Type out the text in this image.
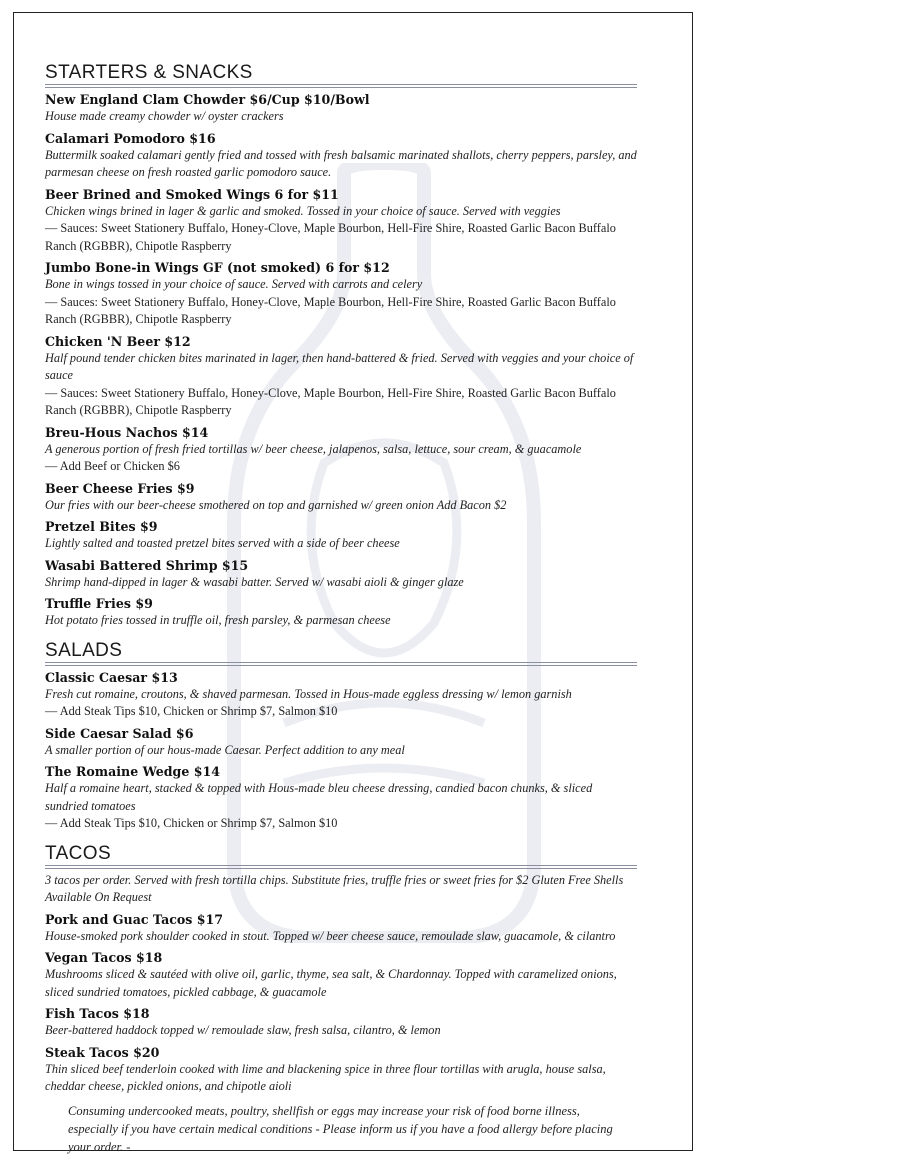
STARTERS & SNACKS
New England Clam Chowder $6/Cup $10/Bowl
House made creamy chowder w/ oyster crackers
Calamari Pomodoro $16
Buttermilk soaked calamari gently fried and tossed with fresh balsamic marinated shallots, cherry peppers, parsley, and parmesan cheese on fresh roasted garlic pomodoro sauce.
Beer Brined and Smoked Wings 6 for $11
Chicken wings brined in lager & garlic and smoked. Tossed in your choice of sauce. Served with veggies
— Sauces: Sweet Stationery Buffalo, Honey-Clove, Maple Bourbon, Hell-Fire Shire, Roasted Garlic Bacon Buffalo Ranch (RGBBR), Chipotle Raspberry
Jumbo Bone-in Wings GF (not smoked) 6 for $12
Bone in wings tossed in your choice of sauce. Served with carrots and celery
— Sauces: Sweet Stationery Buffalo, Honey-Clove, Maple Bourbon, Hell-Fire Shire, Roasted Garlic Bacon Buffalo Ranch (RGBBR), Chipotle Raspberry
Chicken 'N Beer $12
Half pound tender chicken bites marinated in lager, then hand-battered & fried. Served with veggies and your choice of sauce
— Sauces: Sweet Stationery Buffalo, Honey-Clove, Maple Bourbon, Hell-Fire Shire, Roasted Garlic Bacon Buffalo Ranch (RGBBR), Chipotle Raspberry
Breu-Hous Nachos $14
A generous portion of fresh fried tortillas w/ beer cheese, jalapenos, salsa, lettuce, sour cream, & guacamole
— Add Beef or Chicken $6
Beer Cheese Fries $9
Our fries with our beer-cheese smothered on top and garnished w/ green onion Add Bacon $2
Pretzel Bites $9
Lightly salted and toasted pretzel bites served with a side of beer cheese
Wasabi Battered Shrimp $15
Shrimp hand-dipped in lager & wasabi batter. Served w/ wasabi aioli & ginger glaze
Truffle Fries $9
Hot potato fries tossed in truffle oil, fresh parsley, & parmesan cheese
SALADS
Classic Caesar $13
Fresh cut romaine, croutons, & shaved parmesan. Tossed in Hous-made eggless dressing w/ lemon garnish
— Add Steak Tips $10, Chicken or Shrimp $7, Salmon $10
Side Caesar Salad $6
A smaller portion of our hous-made Caesar. Perfect addition to any meal
The Romaine Wedge $14
Half a romaine heart, stacked & topped with Hous-made bleu cheese dressing, candied bacon chunks, & sliced sundried tomatoes
— Add Steak Tips $10, Chicken or Shrimp $7, Salmon $10
TACOS
3 tacos per order. Served with fresh tortilla chips. Substitute fries, truffle fries or sweet fries for $2 Gluten Free Shells Available On Request
Pork and Guac Tacos $17
House-smoked pork shoulder cooked in stout. Topped w/ beer cheese sauce, remoulade slaw, guacamole, & cilantro
Vegan Tacos $18
Mushrooms sliced & sautéed with olive oil, garlic, thyme, sea salt, & Chardonnay. Topped with caramelized onions, sliced sundried tomatoes, pickled cabbage, & guacamole
Fish Tacos $18
Beer-battered haddock topped w/ remoulade slaw, fresh salsa, cilantro, & lemon
Steak Tacos $20
Thin sliced beef tenderloin cooked with lime and blackening spice in three flour tortillas with arugla, house salsa, cheddar cheese, pickled onions, and chipotle aioli
Consuming undercooked meats, poultry, shellfish or eggs may increase your risk of food borne illness, especially if you have certain medical conditions - Please inform us if you have a food allergy before placing your order. -
